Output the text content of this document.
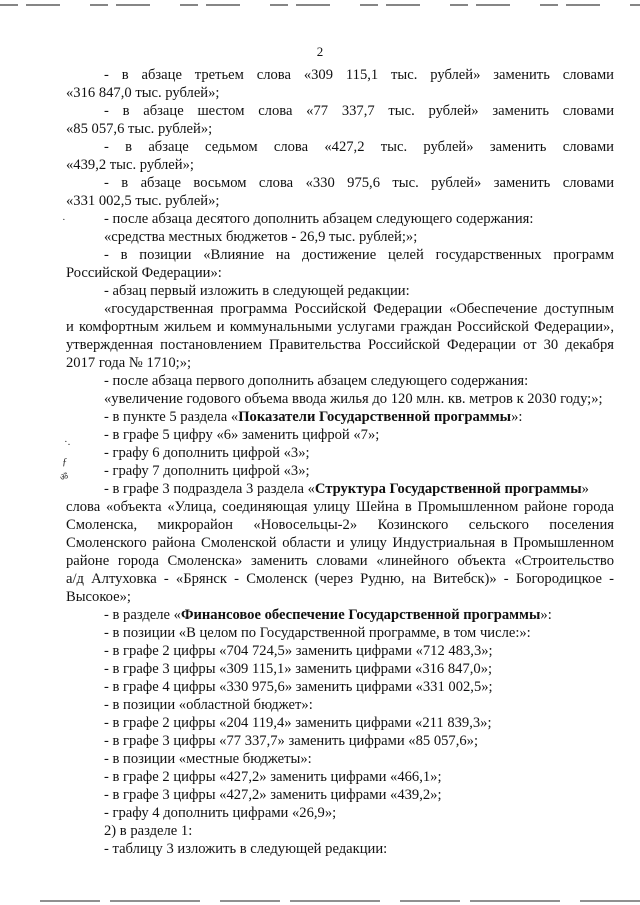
2
·
·.
ƒ
ॐ
- в абзаце третьем слова «309 115,1 тыс. рублей» заменить словами
«316 847,0 тыс. рублей»;
- в абзаце шестом слова «77 337,7 тыс. рублей» заменить словами
«85 057,6 тыс. рублей»;
- в абзаце седьмом слова «427,2 тыс. рублей» заменить словами
«439,2 тыс. рублей»;
- в абзаце восьмом слова «330 975,6 тыс. рублей» заменить словами
«331 002,5 тыс. рублей»;
- после абзаца десятого дополнить абзацем следующего содержания:
«средства местных бюджетов - 26,9 тыс. рублей;»;
- в позиции «Влияние на достижение целей государственных программ
Российской Федерации»:
- абзац первый изложить в следующей редакции:
«государственная программа Российской Федерации «Обеспечение доступным
и комфортным жильем и коммунальными услугами граждан Российской Федерации»,
утвержденная постановлением Правительства Российской Федерации от 30 декабря
2017 года № 1710;»;
- после абзаца первого дополнить абзацем следующего содержания:
«увеличение годового объема ввода жилья до 120 млн. кв. метров к 2030 году;»;
- в пункте 5 раздела «Показатели Государственной программы»:
- в графе 5 цифру «6» заменить цифрой «7»;
- графу 6 дополнить цифрой «3»;
- графу 7 дополнить цифрой «3»;
- в графе 3 подраздела 3 раздела «Структура Государственной программы»
слова «объекта «Улица, соединяющая улицу Шейна в Промышленном районе города
Смоленска, микрорайон «Новосельцы-2» Козинского сельского поселения
Смоленского района Смоленской области и улицу Индустриальная в Промышленном
районе города Смоленска» заменить словами «линейного объекта «Строительство
а/д Алтуховка - «Брянск - Смоленск (через Рудню, на Витебск)» - Богородицкое -
Высокое»;
- в разделе «Финансовое обеспечение Государственной программы»:
- в позиции «В целом по Государственной программе, в том числе:»:
- в графе 2 цифры «704 724,5» заменить цифрами «712 483,3»;
- в графе 3 цифры «309 115,1» заменить цифрами «316 847,0»;
- в графе 4 цифры «330 975,6» заменить цифрами «331 002,5»;
- в позиции «областной бюджет»:
- в графе 2 цифры «204 119,4» заменить цифрами «211 839,3»;
- в графе 3 цифры «77 337,7» заменить цифрами «85 057,6»;
- в позиции «местные бюджеты»:
- в графе 2 цифры «427,2» заменить цифрами «466,1»;
- в графе 3 цифры «427,2» заменить цифрами «439,2»;
- графу 4 дополнить цифрами «26,9»;
2) в разделе 1:
- таблицу 3 изложить в следующей редакции:
